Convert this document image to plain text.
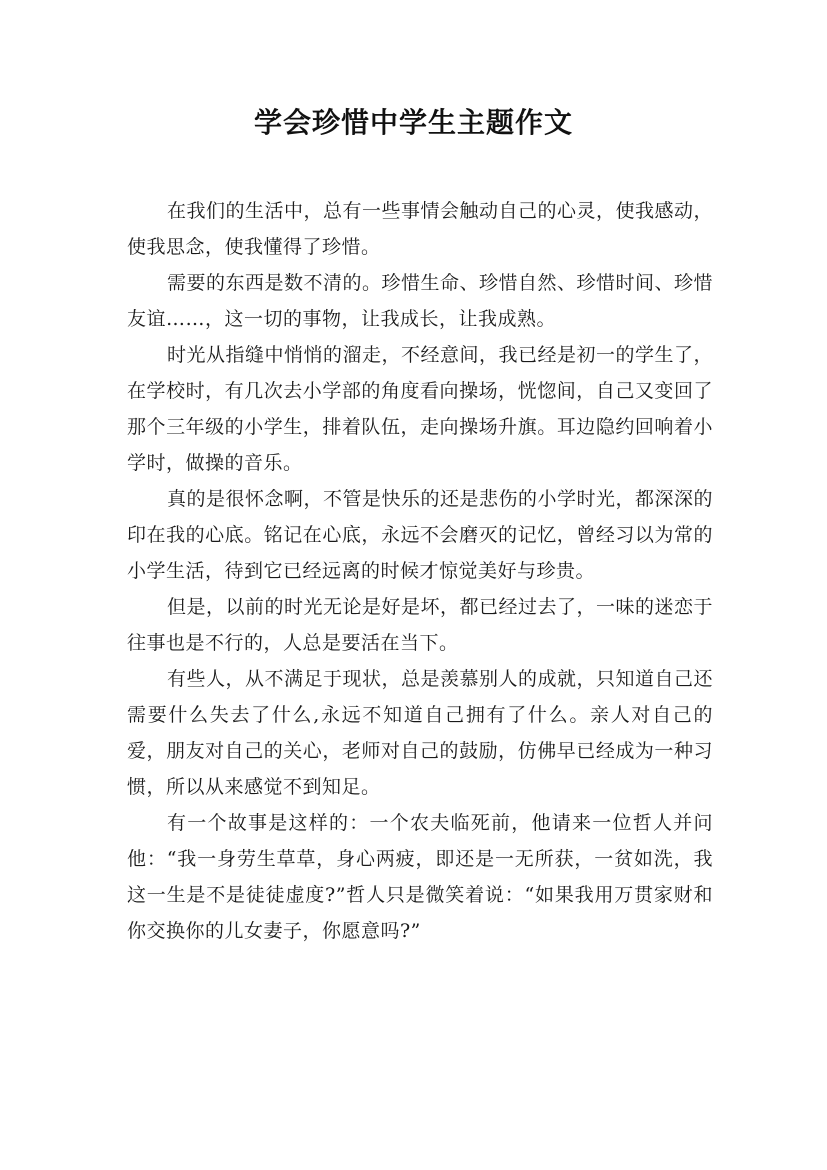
学会珍惜中学生主题作文

在我们的生活中，总有一些事情会触动自己的心灵，使我感动，使我思念，使我懂得了珍惜。

需要的东西是数不清的。珍惜生命、珍惜自然、珍惜时间、珍惜友谊……，这一切的事物，让我成长，让我成熟。

时光从指缝中悄悄的溜走，不经意间，我已经是初一的学生了，在学校时，有几次去小学部的角度看向操场，恍惚间，自己又变回了那个三年级的小学生，排着队伍，走向操场升旗。耳边隐约回响着小学时，做操的音乐。

真的是很怀念啊，不管是快乐的还是悲伤的小学时光，都深深的印在我的心底。铭记在心底，永远不会磨灭的记忆，曾经习以为常的小学生活，待到它已经远离的时候才惊觉美好与珍贵。

但是，以前的时光无论是好是坏，都已经过去了，一味的迷恋于往事也是不行的，人总是要活在当下。

有些人，从不满足于现状，总是羡慕别人的成就，只知道自己还需要什么失去了什么,永远不知道自己拥有了什么。亲人对自己的爱，朋友对自己的关心，老师对自己的鼓励，仿佛早已经成为一种习惯，所以从来感觉不到知足。

有一个故事是这样的：一个农夫临死前，他请来一位哲人并问他：“我一身劳生草草，身心两疲，即还是一无所获，一贫如洗，我这一生是不是徒徒虚度?”哲人只是微笑着说：“如果我用万贯家财和你交换你的儿女妻子，你愿意吗?”
